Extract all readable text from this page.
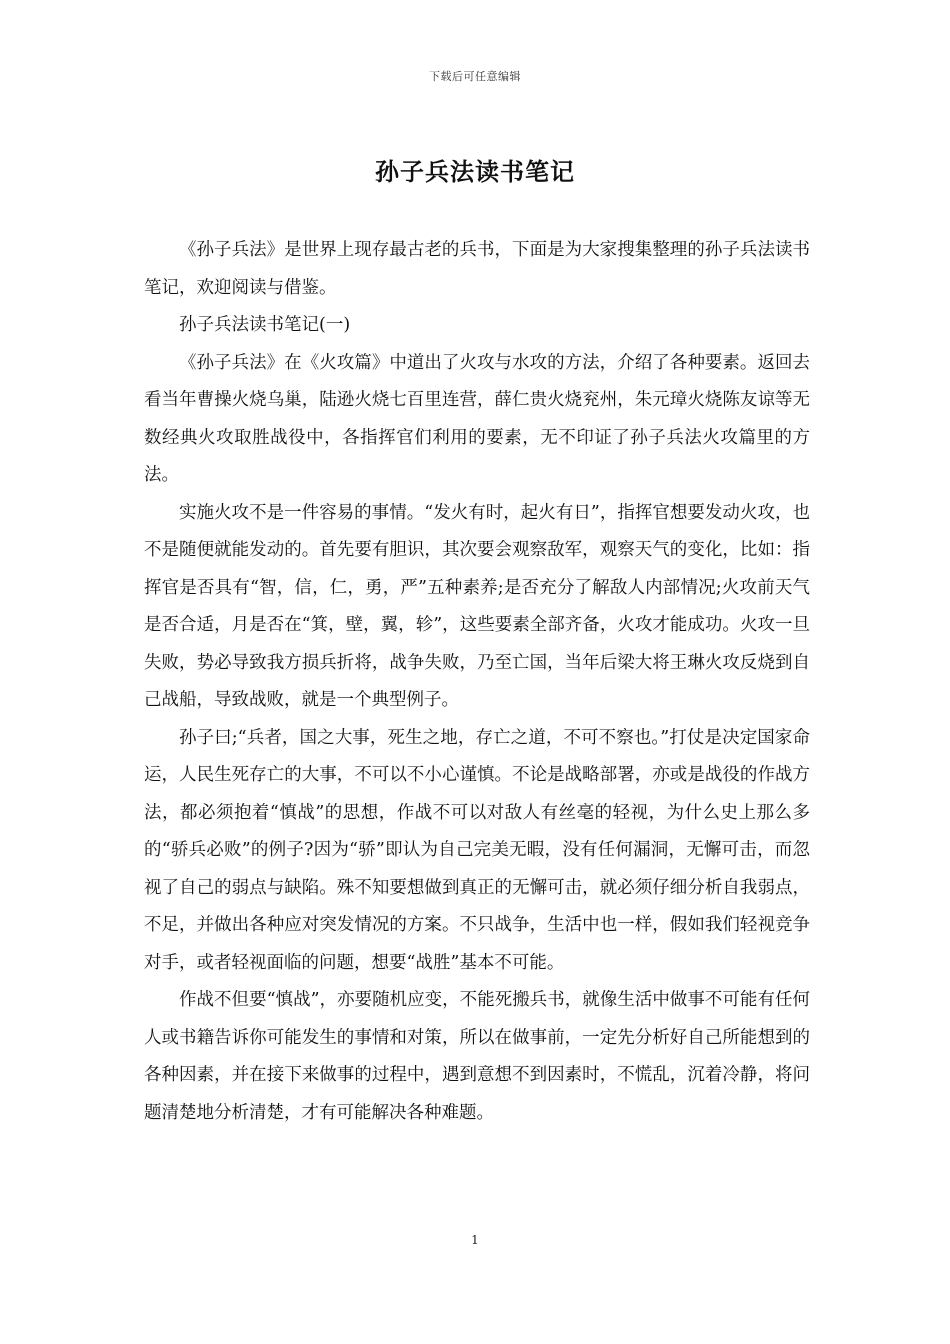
下载后可任意编辑
孙子兵法读书笔记

《孙子兵法》是世界上现存最古老的兵书，下面是为大家搜集整理的孙子兵法读书笔记，欢迎阅读与借鉴。

孙子兵法读书笔记(一)

《孙子兵法》在《火攻篇》中道出了火攻与水攻的方法，介绍了各种要素。返回去看当年曹操火烧乌巢，陆逊火烧七百里连营，薛仁贵火烧兖州，朱元璋火烧陈友谅等无数经典火攻取胜战役中，各指挥官们利用的要素，无不印证了孙子兵法火攻篇里的方法。

实施火攻不是一件容易的事情。“发火有时，起火有日”，指挥官想要发动火攻，也不是随便就能发动的。首先要有胆识，其次要会观察敌军，观察天气的变化，比如：指挥官是否具有“智，信，仁，勇，严”五种素养;是否充分了解敌人内部情况;火攻前天气是否合适，月是否在“箕，壁，翼，轸”，这些要素全部齐备，火攻才能成功。火攻一旦失败，势必导致我方损兵折将，战争失败，乃至亡国，当年后梁大将王琳火攻反烧到自己战船，导致战败，就是一个典型例子。

孙子曰;“兵者，国之大事，死生之地，存亡之道，不可不察也。”打仗是决定国家命运，人民生死存亡的大事，不可以不小心谨慎。不论是战略部署，亦或是战役的作战方法，都必须抱着“慎战”的思想，作战不可以对敌人有丝毫的轻视，为什么史上那么多的“骄兵必败”的例子?因为“骄”即认为自己完美无暇，没有任何漏洞，无懈可击，而忽视了自己的弱点与缺陷。殊不知要想做到真正的无懈可击，就必须仔细分析自我弱点，不足，并做出各种应对突发情况的方案。不只战争，生活中也一样，假如我们轻视竞争对手，或者轻视面临的问题，想要“战胜”基本不可能。

作战不但要“慎战”，亦要随机应变，不能死搬兵书，就像生活中做事不可能有任何人或书籍告诉你可能发生的事情和对策，所以在做事前，一定先分析好自己所能想到的各种因素，并在接下来做事的过程中，遇到意想不到因素时，不慌乱，沉着冷静，将问题清楚地分析清楚，才有可能解决各种难题。

1
